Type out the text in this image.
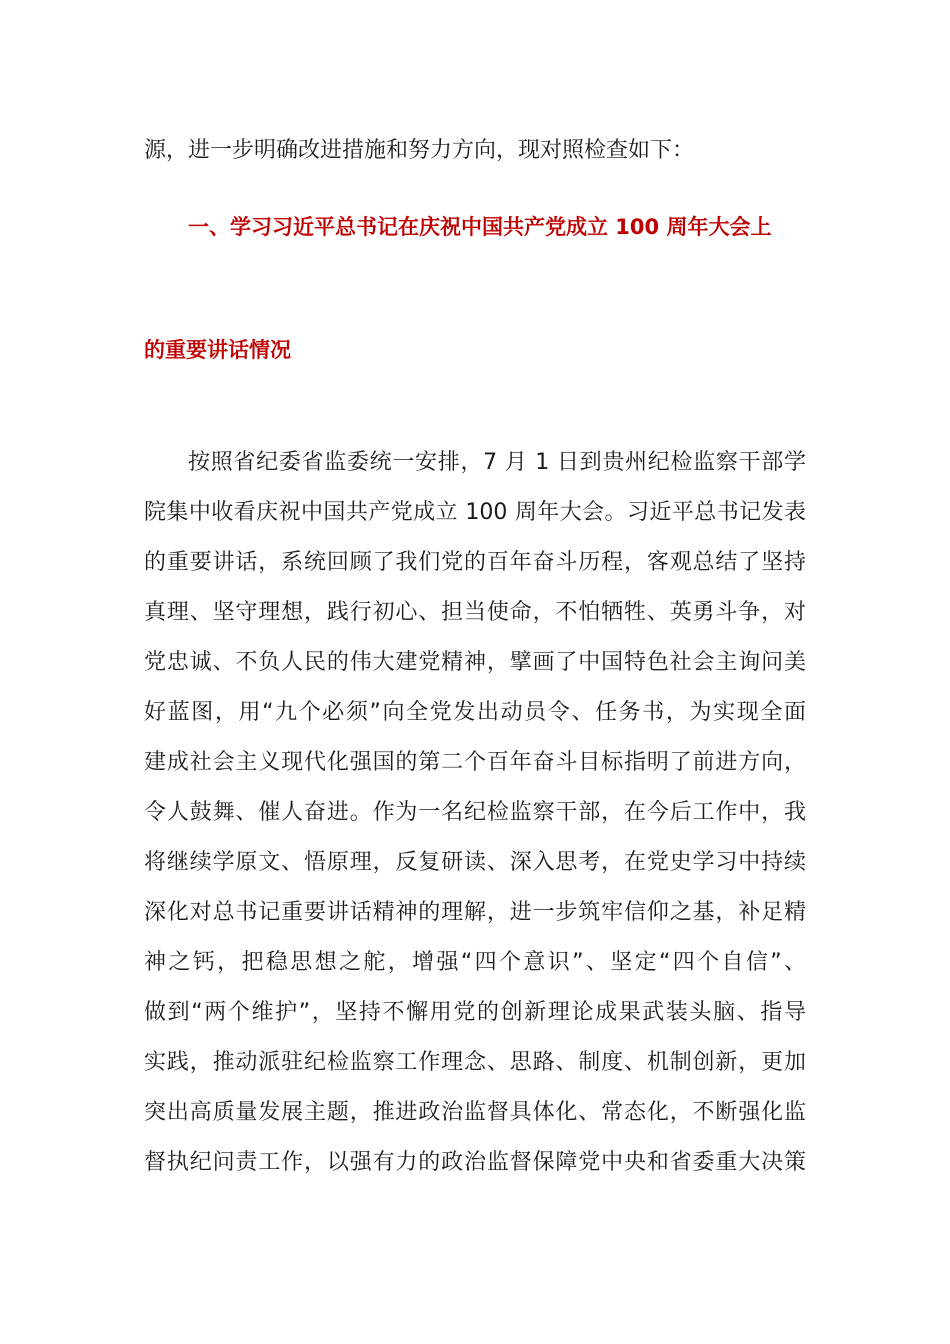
源，进一步明确改进措施和努力方向，现对照检查如下：
一、学习习近平总书记在庆祝中国共产党成立 100 周年大会上
的重要讲话情况
按照省纪委省监委统一安排，7 月 1 日到贵州纪检监察干部学
院集中收看庆祝中国共产党成立 100 周年大会。习近平总书记发表
的重要讲话，系统回顾了我们党的百年奋斗历程，客观总结了坚持
真理、坚守理想，践行初心、担当使命，不怕牺牲、英勇斗争，对
党忠诚、不负人民的伟大建党精神，擘画了中国特色社会主询问美
好蓝图，用“九个必须”向全党发出动员令、任务书，为实现全面
建成社会主义现代化强国的第二个百年奋斗目标指明了前进方向，
令人鼓舞、催人奋进。作为一名纪检监察干部，在今后工作中，我
将继续学原文、悟原理，反复研读、深入思考，在党史学习中持续
深化对总书记重要讲话精神的理解，进一步筑牢信仰之基，补足精
神之钙，把稳思想之舵，增强“四个意识”、坚定“四个自信”、
做到“两个维护”，坚持不懈用党的创新理论成果武装头脑、指导
实践，推动派驻纪检监察工作理念、思路、制度、机制创新，更加
突出高质量发展主题，推进政治监督具体化、常态化，不断强化监
督执纪问责工作，以强有力的政治监督保障党中央和省委重大决策
